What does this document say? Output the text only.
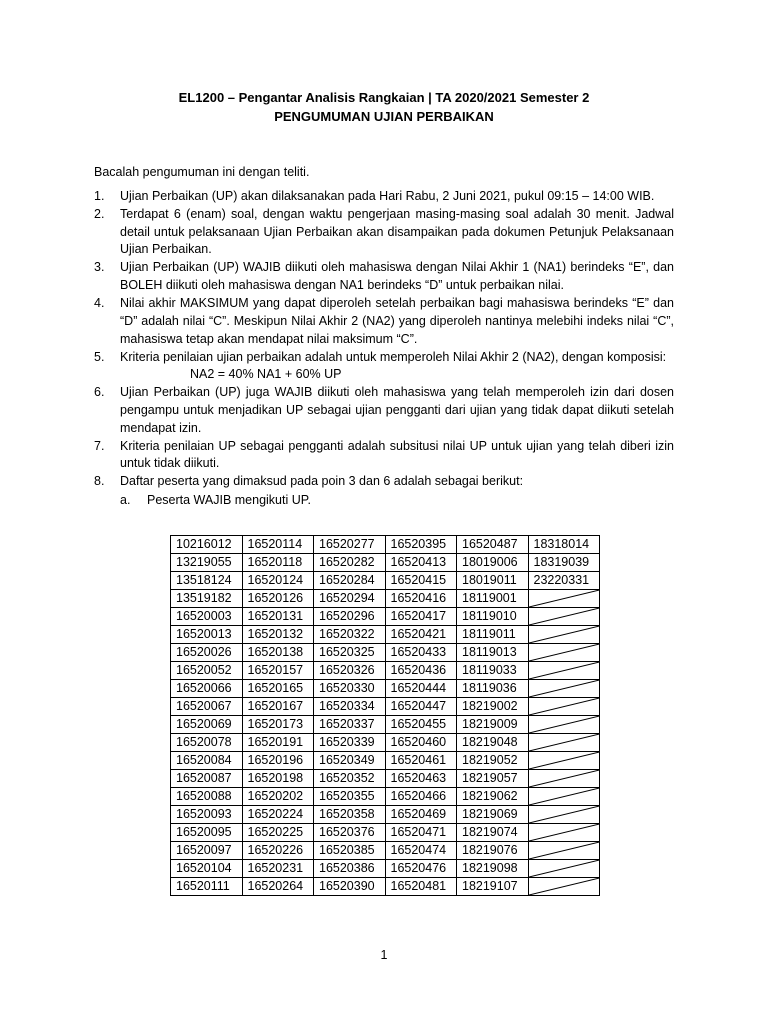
EL1200 – Pengantar Analisis Rangkaian | TA 2020/2021 Semester 2
PENGUMUMAN UJIAN PERBAIKAN
Bacalah pengumuman ini dengan teliti.
1. Ujian Perbaikan (UP) akan dilaksanakan pada Hari Rabu, 2 Juni 2021, pukul 09:15 – 14:00 WIB.
2. Terdapat 6 (enam) soal, dengan waktu pengerjaan masing-masing soal adalah 30 menit. Jadwal detail untuk pelaksanaan Ujian Perbaikan akan disampaikan pada dokumen Petunjuk Pelaksanaan Ujian Perbaikan.
3. Ujian Perbaikan (UP) WAJIB diikuti oleh mahasiswa dengan Nilai Akhir 1 (NA1) berindeks “E”, dan BOLEH diikuti oleh mahasiswa dengan NA1 berindeks “D” untuk perbaikan nilai.
4. Nilai akhir MAKSIMUM yang dapat diperoleh setelah perbaikan bagi mahasiswa berindeks “E” dan “D” adalah nilai “C”. Meskipun Nilai Akhir 2 (NA2) yang diperoleh nantinya melebihi indeks nilai “C”, mahasiswa tetap akan mendapat nilai maksimum “C”.
5. Kriteria penilaian ujian perbaikan adalah untuk memperoleh Nilai Akhir 2 (NA2), dengan komposisi:
NA2 = 40% NA1 + 60% UP
6. Ujian Perbaikan (UP) juga WAJIB diikuti oleh mahasiswa yang telah memperoleh izin dari dosen pengampu untuk menjadikan UP sebagai ujian pengganti dari ujian yang tidak dapat diikuti setelah mendapat izin.
7. Kriteria penilaian UP sebagai pengganti adalah subsitusi nilai UP untuk ujian yang telah diberi izin untuk tidak diikuti.
8. Daftar peserta yang dimaksud pada poin 3 dan 6 adalah sebagai berikut:
a. Peserta WAJIB mengikuti UP.
10216012	16520114	16520277	16520395	16520487	18318014
13219055	16520118	16520282	16520413	18019006	18319039
13518124	16520124	16520284	16520415	18019011	23220331
13519182	16520126	16520294	16520416	18119001	

16520003	16520131	16520296	16520417	18119010	

16520013	16520132	16520322	16520421	18119011	

16520026	16520138	16520325	16520433	18119013	

16520052	16520157	16520326	16520436	18119033	

16520066	16520165	16520330	16520444	18119036	

16520067	16520167	16520334	16520447	18219002	

16520069	16520173	16520337	16520455	18219009	

16520078	16520191	16520339	16520460	18219048	

16520084	16520196	16520349	16520461	18219052	

16520087	16520198	16520352	16520463	18219057	

16520088	16520202	16520355	16520466	18219062	

16520093	16520224	16520358	16520469	18219069	

16520095	16520225	16520376	16520471	18219074	

16520097	16520226	16520385	16520474	18219076	

16520104	16520231	16520386	16520476	18219098	

16520111	16520264	16520390	16520481	18219107	
1
